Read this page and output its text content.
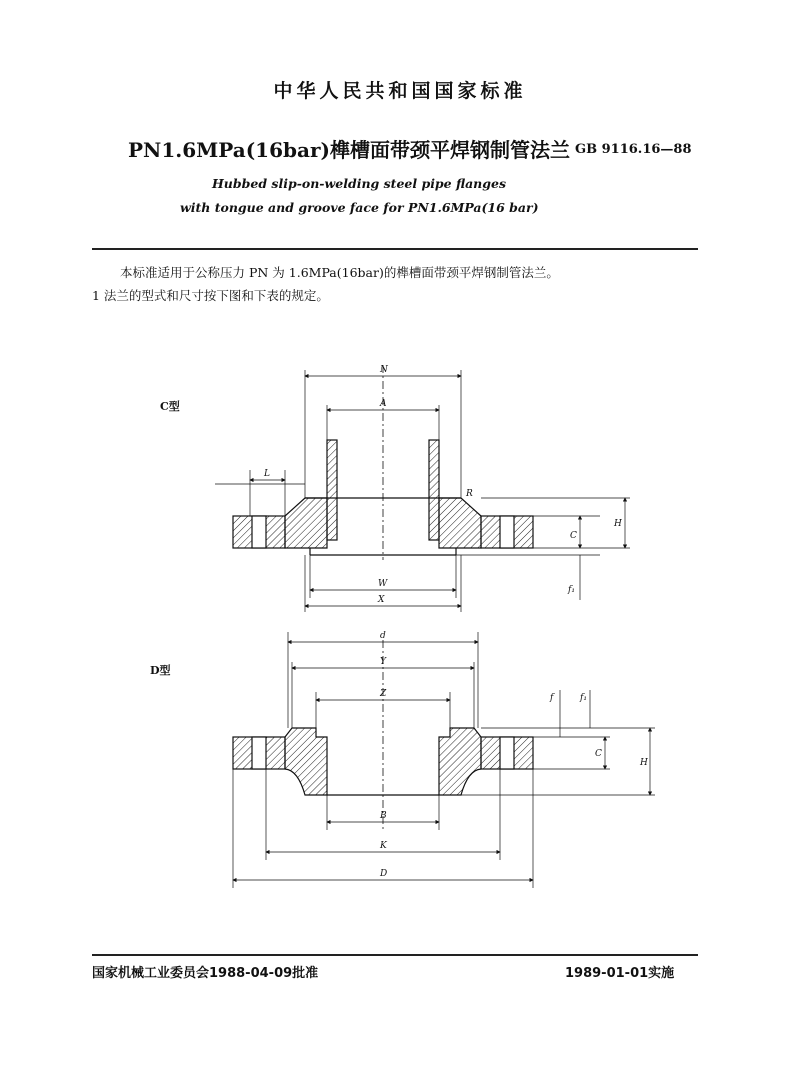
中华人民共和国国家标准
PN1.6MPa(16bar)榫槽面带颈平焊钢制管法兰 GB 9116.16—88
Hubbed slip-on-welding steel pipe flanges
with tongue and groove face for PN1.6MPa(16 bar)
本标准适用于公称压力 PN 为 1.6MPa(16bar)的榫槽面带颈平焊钢制管法兰。
1 法兰的型式和尺寸按下图和下表的规定。
C型
D型
N
A
L
R
H
C
W
X
f₁
d
Y
Z	f	f₁
C
H
B
K
D
国家机械工业委员会1988-04-09批准	1989-01-01实施
